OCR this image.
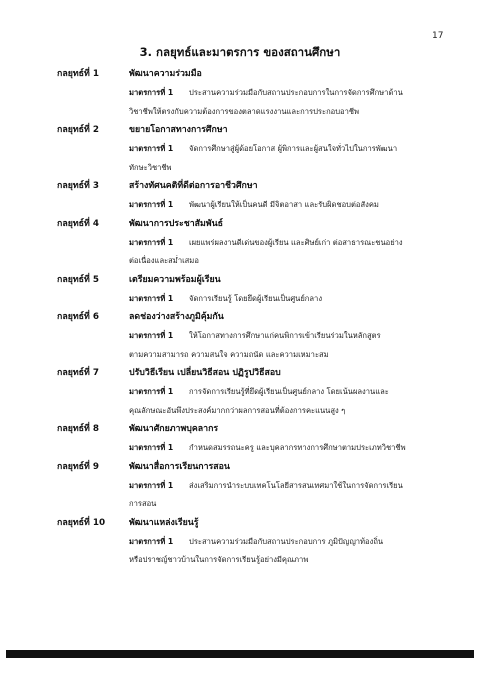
17
3. กลยุทธ์และมาตรการ ของสถานศึกษา
กลยุทธ์ที่ 1	พัฒนาความร่วมมือ
มาตรการที่ 1	ประสานความร่วมมือกับสถานประกอบการในการจัดการศึกษาด้าน
วิชาชีพให้ตรงกับความต้องการของตลาดแรงงานและการประกอบอาชีพ
กลยุทธ์ที่ 2	ขยายโอกาสทางการศึกษา
มาตรการที่ 1	จัดการศึกษาสู่ผู้ด้อยโอกาส ผู้พิการและผู้สนใจทั่วไปในการพัฒนา
ทักษะวิชาชีพ
กลยุทธ์ที่ 3	สร้างทัศนคติที่ดีต่อการอาชีวศึกษา
มาตรการที่ 1	พัฒนาผู้เรียนให้เป็นคนดี มีจิตอาสา และรับผิดชอบต่อสังคม
กลยุทธ์ที่ 4	พัฒนาการประชาสัมพันธ์
มาตรการที่ 1	เผยแพร่ผลงานดีเด่นของผู้เรียน และศิษย์เก่า ต่อสาธารณะชนอย่าง
ต่อเนื่องและสม่ำเสมอ
กลยุทธ์ที่ 5	เตรียมความพร้อมผู้เรียน
มาตรการที่ 1	จัดการเรียนรู้ โดยยึดผู้เรียนเป็นศูนย์กลาง
กลยุทธ์ที่ 6	ลดช่องว่างสร้างภูมิคุ้มกัน
มาตรการที่ 1	ให้โอกาสทางการศึกษาแก่คนพิการเข้าเรียนร่วมในหลักสูตร
ตามความสามารถ ความสนใจ ความถนัด และความเหมาะสม
กลยุทธ์ที่ 7	ปรับวิธีเรียน เปลี่ยนวิธีสอน ปฏิรูปวิธีสอบ
มาตรการที่ 1	การจัดการเรียนรู้ที่ยึดผู้เรียนเป็นศูนย์กลาง โดยเน้นผลงานและ
คุณลักษณะอันพึงประสงค์มากกว่าผลการสอนที่ต้องการคะแนนสูง ๆ
กลยุทธ์ที่ 8	พัฒนาศักยภาพบุคลากร
มาตรการที่ 1	กำหนดสมรรถนะครู และบุคลากรทางการศึกษาตามประเภทวิชาชีพ
กลยุทธ์ที่ 9	พัฒนาสื่อการเรียนการสอน
มาตรการที่ 1	ส่งเสริมการนำระบบเทคโนโลยีสารสนเทศมาใช้ในการจัดการเรียน
การสอน
กลยุทธ์ที่ 10	พัฒนาแหล่งเรียนรู้
มาตรการที่ 1	ประสานความร่วมมือกับสถานประกอบการ ภูมิปัญญาท้องถิ่น
หรือปราชญ์ชาวบ้านในการจัดการเรียนรู้อย่างมีคุณภาพ
